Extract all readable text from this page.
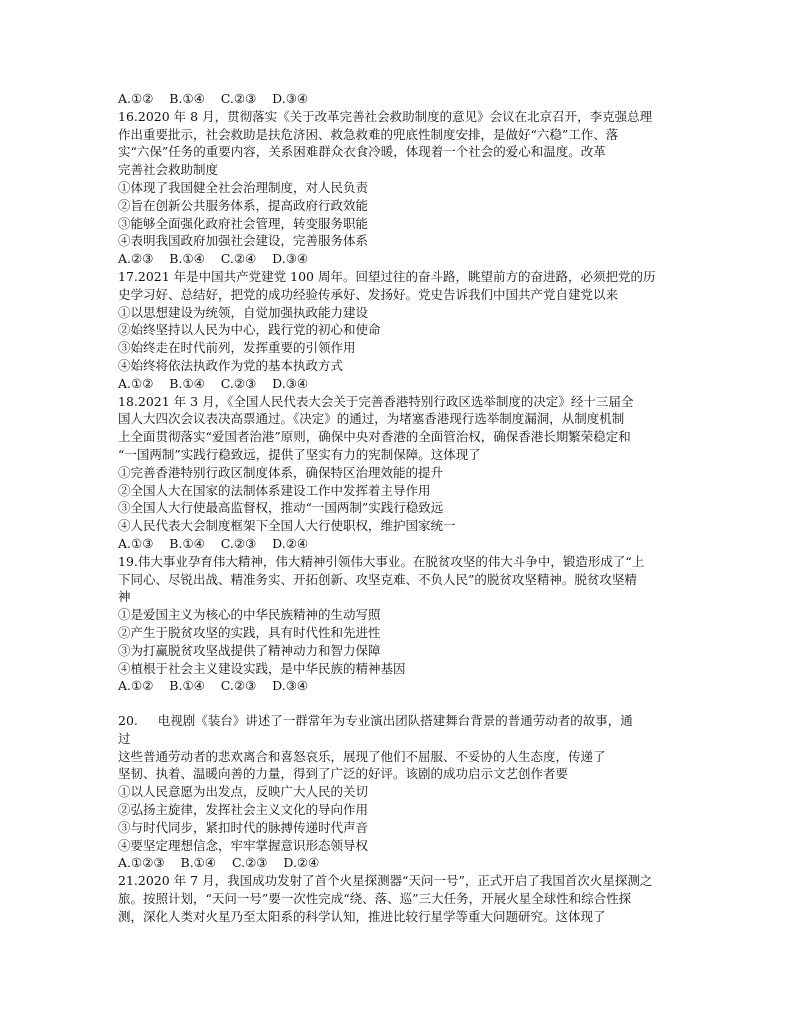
A.①②    B.①④    C.②③    D.③④
16.2020 年 8 月，贯彻落实《关于改革完善社会救助制度的意见》会议在北京召开，李克强总理
作出重要批示，社会救助是扶危济困、救急救难的兜底性制度安排，是做好“六稳”工作、落
实“六保”任务的重要内容，关系困难群众衣食冷暖，体现着一个社会的爱心和温度。改革
完善社会救助制度
①体现了我国健全社会治理制度，对人民负责
②旨在创新公共服务体系，提高政府行政效能
③能够全面强化政府社会管理，转变服务职能
④表明我国政府加强社会建设，完善服务体系
A.②③    B.①④    C.②④    D.③④
17.2021 年是中国共产党建党 100 周年。回望过往的奋斗路，眺望前方的奋进路，必须把党的历
史学习好、总结好，把党的成功经验传承好、发扬好。党史告诉我们中国共产党自建党以来
①以思想建设为统领，自觉加强执政能力建设
②始终坚持以人民为中心，践行党的初心和使命
③始终走在时代前列，发挥重要的引领作用
④始终将依法执政作为党的基本执政方式
A.①②    B.①④    C.②③    D.③④
18.2021 年 3 月，《全国人民代表大会关于完善香港特别行政区选举制度的决定》经十三届全
国人大四次会议表决高票通过。《决定》的通过，为堵塞香港现行选举制度漏洞，从制度机制
上全面贯彻落实“爱国者治港”原则，确保中央对香港的全面管治权，确保香港长期繁荣稳定和
“一国两制”实践行稳致远，提供了坚实有力的宪制保障。这体现了
①完善香港特别行政区制度体系，确保特区治理效能的提升
②全国人大在国家的法制体系建设工作中发挥着主导作用
③全国人大行使最高监督权，推动“一国两制”实践行稳致远
④人民代表大会制度框架下全国人大行使职权，维护国家统一
A.①③    B.①④    C.②③    D.②④
19.伟大事业孕育伟大精神，伟大精神引领伟大事业。在脱贫攻坚的伟大斗争中，锻造形成了“上
下同心、尽锐出战、精准务实、开拓创新、攻坚克难、不负人民”的脱贫攻坚精神。脱贫攻坚精
神
①是爱国主义为核心的中华民族精神的生动写照
②产生于脱贫攻坚的实践，具有时代性和先进性
③为打赢脱贫攻坚战提供了精神动力和智力保障
④植根于社会主义建设实践，是中华民族的精神基因
A.①②    B.①④    C.②③    D.③④
20.     电视剧《装台》讲述了一群常年为专业演出团队搭建舞台背景的普通劳动者的故事，通
过
这些普通劳动者的悲欢离合和喜怒哀乐，展现了他们不屈服、不妥协的人生态度，传递了
坚韧、执着、温暖向善的力量，得到了广泛的好评。该剧的成功启示文艺创作者要
①以人民意愿为出发点，反映广大人民的关切
②弘扬主旋律，发挥社会主义文化的导向作用
③与时代同步，紧扣时代的脉搏传递时代声音
④要坚定理想信念，牢牢掌握意识形态领导权
A.①②③    B.①④    C.②③    D.②④
21.2020 年 7 月，我国成功发射了首个火星探测器“天问一号”，正式开启了我国首次火星探测之
旅。按照计划，“天问一号”要一次性完成“绕、落、巡”三大任务，开展火星全球性和综合性探
测，深化人类对火星乃至太阳系的科学认知，推进比较行星学等重大问题研究。这体现了
